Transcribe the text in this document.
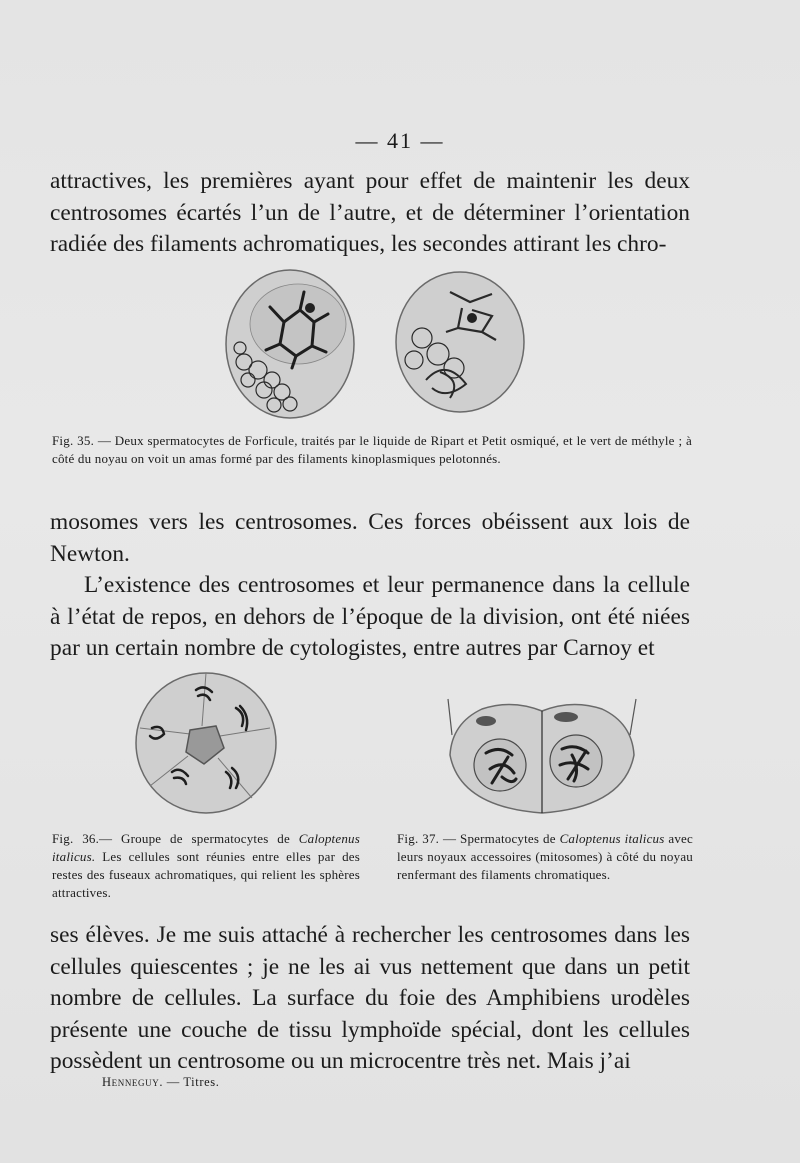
— 41 —

attractives, les premières ayant pour effet de maintenir les deux centrosomes écartés l’un de l’autre, et de déterminer l’orientation radiée des filaments achromatiques, les secondes attirant les chro-

Fig. 35. — Deux spermatocytes de Forficule, traités par le liquide de Ripart et Petit osmiqué, et le vert de méthyle ; à côté du noyau on voit un amas formé par des filaments kinoplasmiques pelotonnés.

mosomes vers les centrosomes. Ces forces obéissent aux lois de Newton.

L’existence des centrosomes et leur permanence dans la cellule à l’état de repos, en dehors de l’époque de la division, ont été niées par un certain nombre de cytologistes, entre autres par Carnoy et

Fig. 36.— Groupe de spermatocytes de Caloptenus italicus. Les cellules sont réunies entre elles par des restes des fuseaux achromatiques, qui relient les sphères attractives.
Fig. 37. — Spermatocytes de Caloptenus italicus avec leurs noyaux accessoires (mitosomes) à côté du noyau renfermant des filaments chromatiques.

ses élèves. Je me suis attaché à rechercher les centrosomes dans les cellules quiescentes ; je ne les ai vus nettement que dans un petit nombre de cellules. La surface du foie des Amphibiens urodèles présente une couche de tissu lymphoïde spécial, dont les cellules possèdent un centrosome ou un microcentre très net. Mais j’ai

Henneguy. — Titres.
